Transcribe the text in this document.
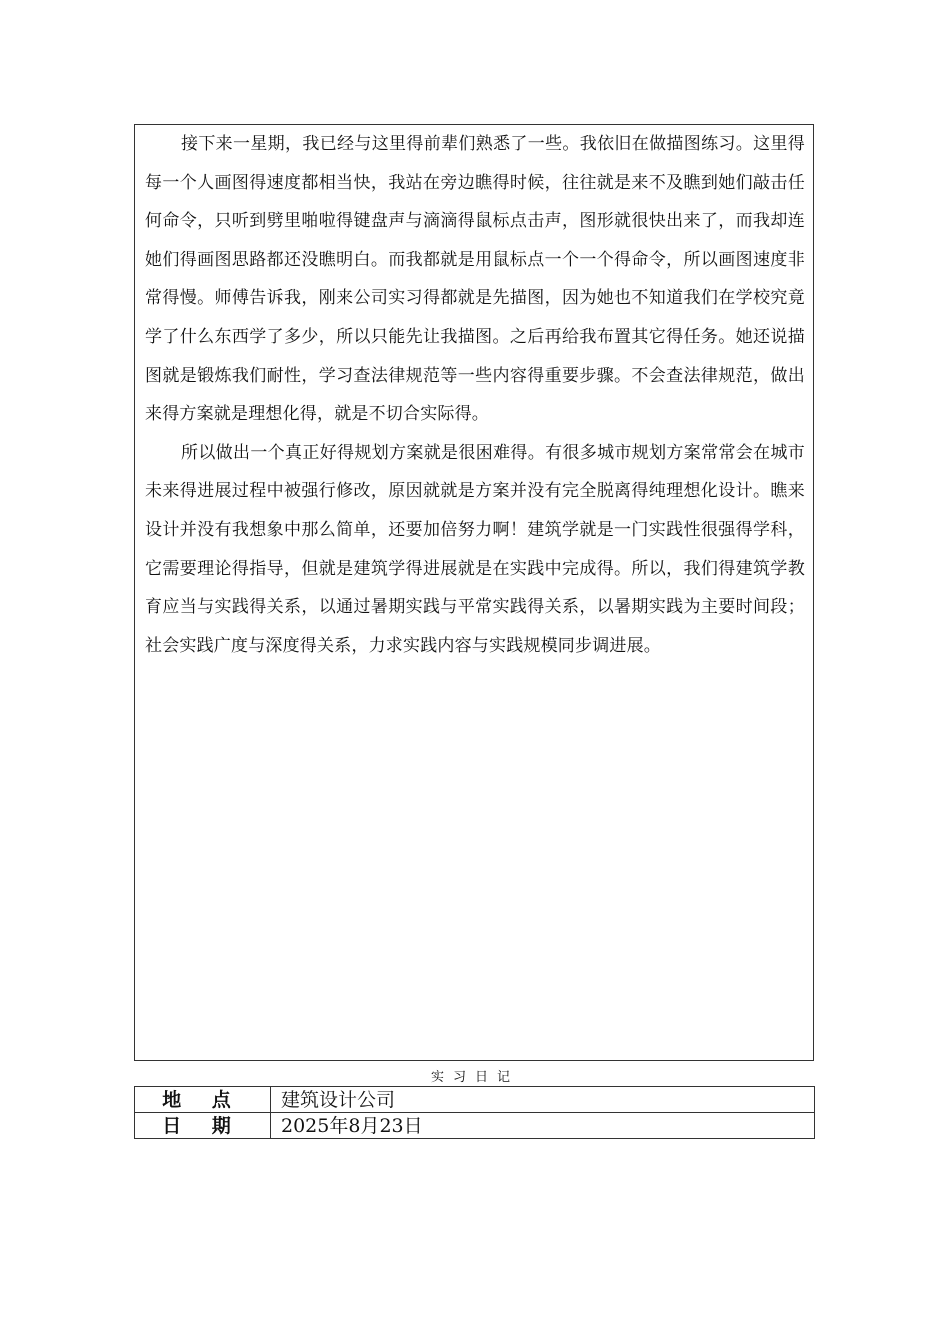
接下来一星期，我已经与这里得前辈们熟悉了一些。我依旧在做描图练习。这里得每一个人画图得速度都相当快，我站在旁边瞧得时候，往往就是来不及瞧到她们敲击任何命令，只听到劈里啪啦得键盘声与滴滴得鼠标点击声，图形就很快出来了，而我却连她们得画图思路都还没瞧明白。而我都就是用鼠标点一个一个得命令，所以画图速度非常得慢。师傅告诉我，刚来公司实习得都就是先描图，因为她也不知道我们在学校究竟学了什么东西学了多少，所以只能先让我描图。之后再给我布置其它得任务。她还说描图就是锻炼我们耐性，学习查法律规范等一些内容得重要步骤。不会查法律规范，做出来得方案就是理想化得，就是不切合实际得。

所以做出一个真正好得规划方案就是很困难得。有很多城市规划方案常常会在城市未来得进展过程中被强行修改，原因就就是方案并没有完全脱离得纯理想化设计。瞧来设计并没有我想象中那么简单，还要加倍努力啊！建筑学就是一门实践性很强得学科，它需要理论得指导，但就是建筑学得进展就是在实践中完成得。所以，我们得建筑学教育应当与实践得关系，以通过暑期实践与平常实践得关系，以暑期实践为主要时间段；社会实践广度与深度得关系，力求实践内容与实践规模同步调进展。

实习日记
地 点	建筑设计公司
日 期	2025年8月23日
